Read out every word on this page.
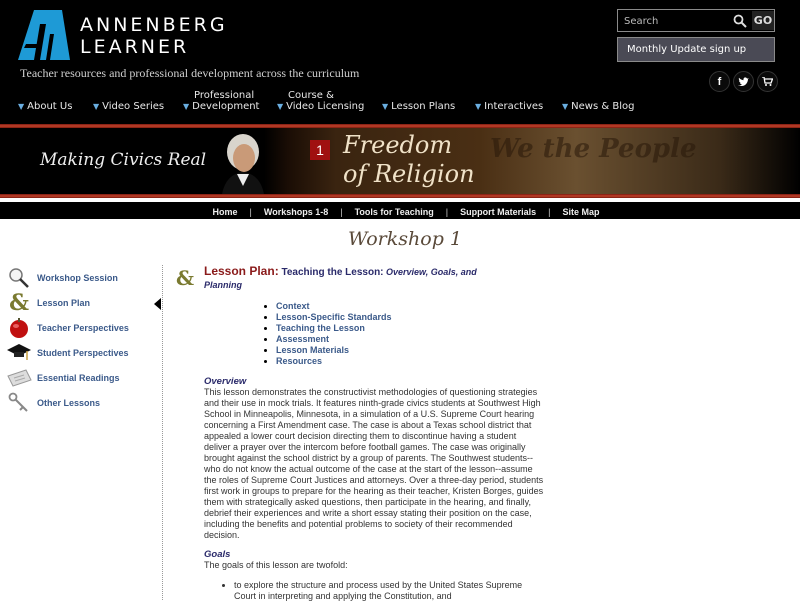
ANNENBERG
LEARNER
Teacher resources and professional development across the curriculum
Search
GO
Monthly Update sign up
f
▼ About Us	▼ Video Series
Professional
▼ Development
Course &
▼ Video Licensing ▼ Lesson Plans ▼ Interactives ▼ News & Blog
Making Civics Real	We the People
1 Freedom
of Religion
Home | Workshops 1-8 | Tools for Teaching | Support Materials | Site Map
Workshop 1
Workshop Session
& Lesson Plan
Teacher Perspectives
Student Perspectives
Essential Readings
Other Lessons
& Lesson Plan: Teaching the Lesson: Overview, Goals, and Planning
• Context
• Lesson-Specific Standards
• Teaching the Lesson
• Assessment
• Lesson Materials
• Resources
Overview
This lesson demonstrates the constructivist methodologies of questioning strategies and their use in mock trials. It features ninth-grade civics students at Southwest High School in Minneapolis, Minnesota, in a simulation of a U.S. Supreme Court hearing concerning a First Amendment case. The case is about a Texas school district that appealed a lower court decision directing them to discontinue having a student deliver a prayer over the intercom before football games. The case was originally brought against the school district by a group of parents. The Southwest students--who do not know the actual outcome of the case at the start of the lesson--assume the roles of Supreme Court Justices and attorneys. Over a three-day period, students first work in groups to prepare for the hearing as their teacher, Kristen Borges, guides them with strategically asked questions, then participate in the hearing, and finally, debrief their experiences and write a short essay stating their position on the case, including the benefits and potential problems to society of their recommended decision.
Goals
The goals of this lesson are twofold:
• to explore the structure and process used by the United States Supreme Court in interpreting and applying the Constitution, and
